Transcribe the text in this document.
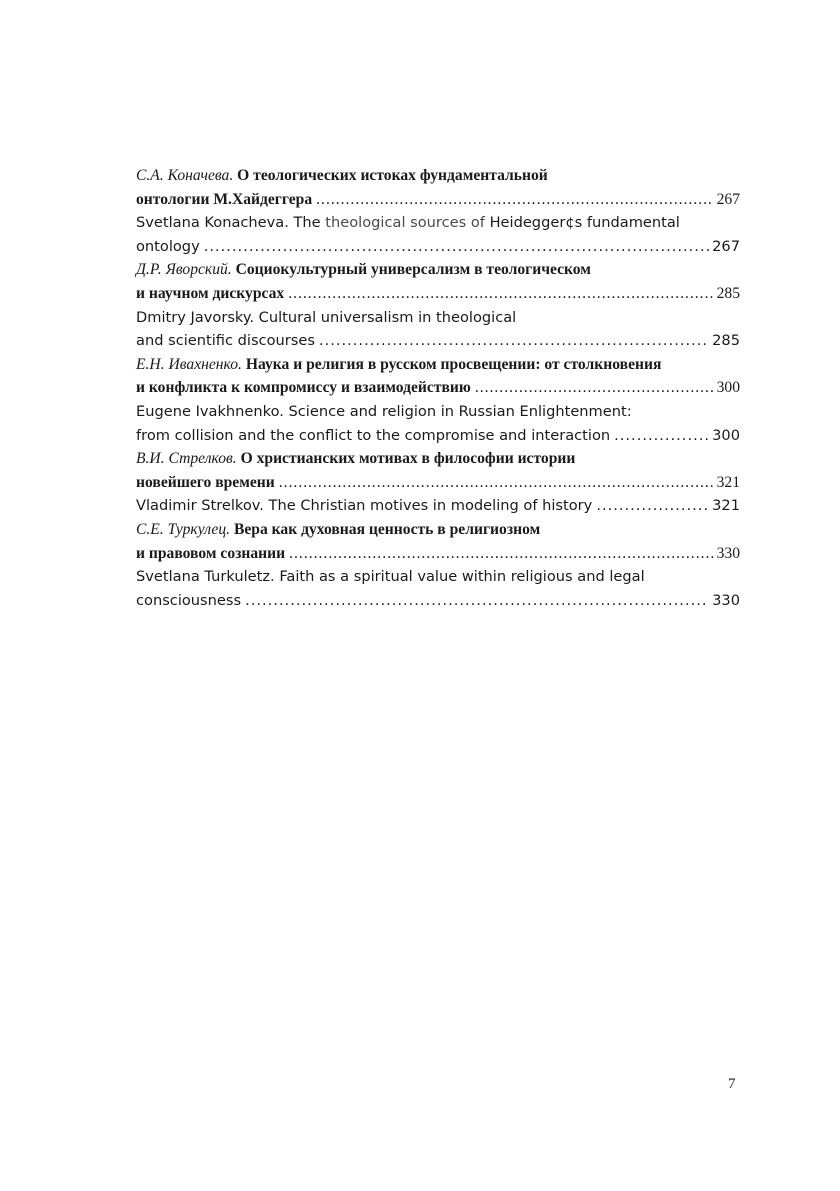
С.А. Коначева. О теологических истоках фундаментальной
онтологии М.Хайдеггера .....	267
Svetlana Konacheva. The theological sources of Heidegger¢s fundamental
ontology .....	267
Д.Р. Яворский. Социокультурный универсализм в теологическом
и научном дискурсах .....	285
Dmitry Javorsky. Cultural universalism in theological
and scientific discourses .....	285
Е.Н. Ивахненко. Наука и религия в русском просвещении: от столкновения
и конфликта к компромиссу и взаимодействию .....	300
Eugene Ivakhnenko. Science and religion in Russian Enlightenment:
from collision and the conflict to the compromise and interaction .....	300
В.И. Стрелков. О христианских мотивах в философии истории
новейшего времени .....	321
Vladimir Strelkov. The Christian motives in modeling of history .....	321
С.Е. Туркулец. Вера как духовная ценность в религиозном
и правовом сознании .....	330
Svetlana Turkuletz. Faith as a spiritual value within religious and legal
consciousness .....	330
7
